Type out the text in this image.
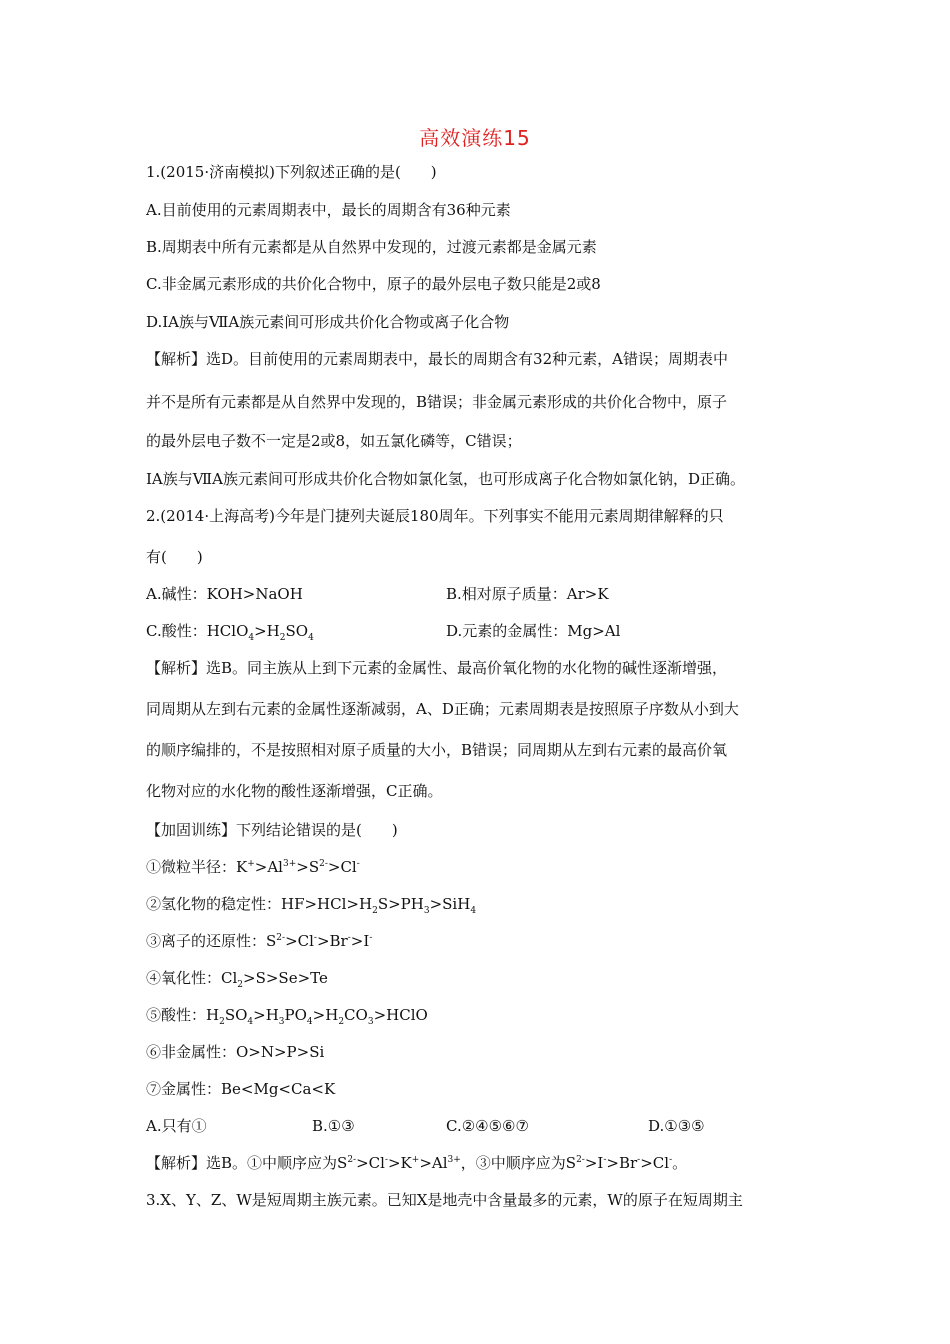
高效演练15
1.(2015·济南模拟)下列叙述正确的是(　　)
A.目前使用的元素周期表中，最长的周期含有36种元素
B.周期表中所有元素都是从自然界中发现的，过渡元素都是金属元素
C.非金属元素形成的共价化合物中，原子的最外层电子数只能是2或8
D.ⅠA族与ⅦA族元素间可形成共价化合物或离子化合物
【解析】选D。目前使用的元素周期表中，最长的周期含有32种元素，A错误；周期表中
并不是所有元素都是从自然界中发现的，B错误；非金属元素形成的共价化合物中，原子
的最外层电子数不一定是2或8，如五氯化磷等，C错误；
ⅠA族与ⅦA族元素间可形成共价化合物如氯化氢，也可形成离子化合物如氯化钠，D正确。
2.(2014·上海高考)今年是门捷列夫诞辰180周年。下列事实不能用元素周期律解释的只
有(　　)
A.碱性：KOH>NaOH	B.相对原子质量：Ar>K
C.酸性：$HClO_4>H_2SO_4$	D.元素的金属性：Mg>Al
【解析】选B。同主族从上到下元素的金属性、最高价氧化物的水化物的碱性逐渐增强，
同周期从左到右元素的金属性逐渐减弱，A、D正确；元素周期表是按照原子序数从小到大
的顺序编排的，不是按照相对原子质量的大小，B错误；同周期从左到右元素的最高价氧
化物对应的水化物的酸性逐渐增强，C正确。
【加固训练】下列结论错误的是(　　)
①微粒半径：$K^+>Al^{3+}>S^{2-}>Cl^-$
②氢化物的稳定性：$HF>HCl>H_2S>PH_3>SiH_4$
③离子的还原性：$S^{2-}>Cl^->Br^->I^-$
④氧化性：$Cl_2>S>Se>Te$
⑤酸性：$H_2SO_4>H_3PO_4>H_2CO_3>HClO$
⑥非金属性：O>N>P>Si
⑦金属性：Be<Mg<Ca<K
A.只有①	B.①③	C.②④⑤⑥⑦	D.①③⑤
【解析】选B。①中顺序应为$S^{2-}>Cl^->K^+>Al^{3+}$，③中顺序应为$S^{2-}>I^->Br^->Cl^-$。
3.X、Y、Z、W是短周期主族元素。已知X是地壳中含量最多的元素，W的原子在短周期主
